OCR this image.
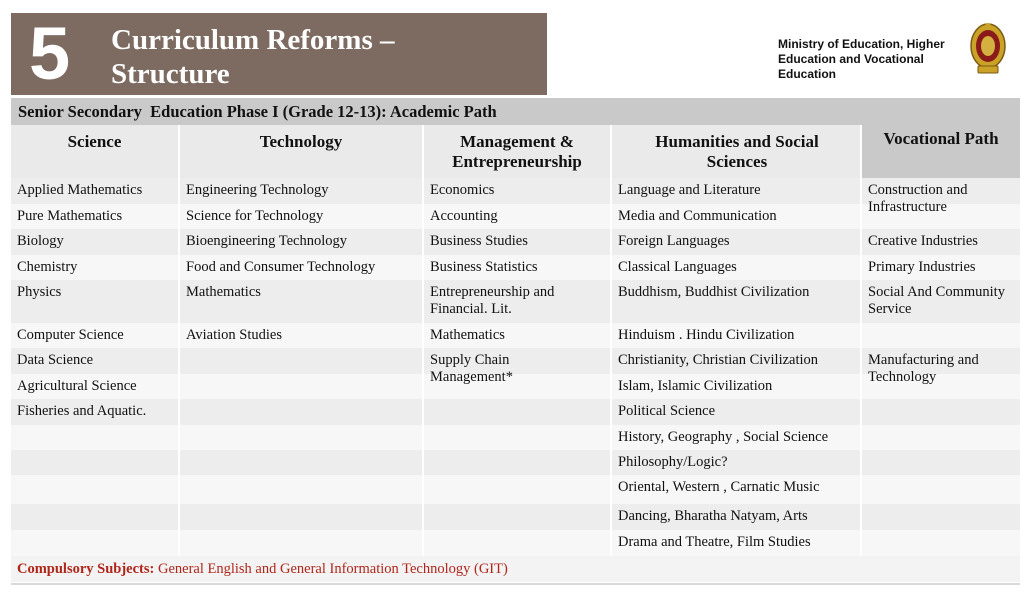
5 Curriculum Reforms –
Structure
Ministry of Education, Higher
Education and Vocational
Education
Senior Secondary  Education Phase I (Grade 12-13): Academic Path
Science	Technology	Management & Entrepreneurship
Humanities and Social Sciences
Vocational Path
Applied Mathematics
Pure Mathematics
Biology
Chemistry
Physics
Computer Science
Data Science
Agricultural Science
Fisheries and Aquatic.
Engineering Technology
Science for Technology
Bioengineering Technology
Food and Consumer Technology
Mathematics
Aviation Studies
Economics
Accounting
Business Studies
Business Statistics
Entrepreneurship and Financial. Lit.
Mathematics
Supply Chain Management*
Language and Literature
Media and Communication
Foreign Languages
Classical Languages
Buddhism, Buddhist Civilization
Hinduism . Hindu Civilization
Christianity, Christian Civilization
Islam, Islamic Civilization
Political Science
History, Geography , Social Science
Philosophy/Logic?
Oriental, Western , Carnatic Music
Dancing, Bharatha Natyam, Arts
Drama and Theatre, Film Studies
Construction and Infrastructure
Creative Industries
Primary Industries
Social And Community Service
Manufacturing and Technology
Compulsory Subjects: General English and General Information Technology (GIT)
